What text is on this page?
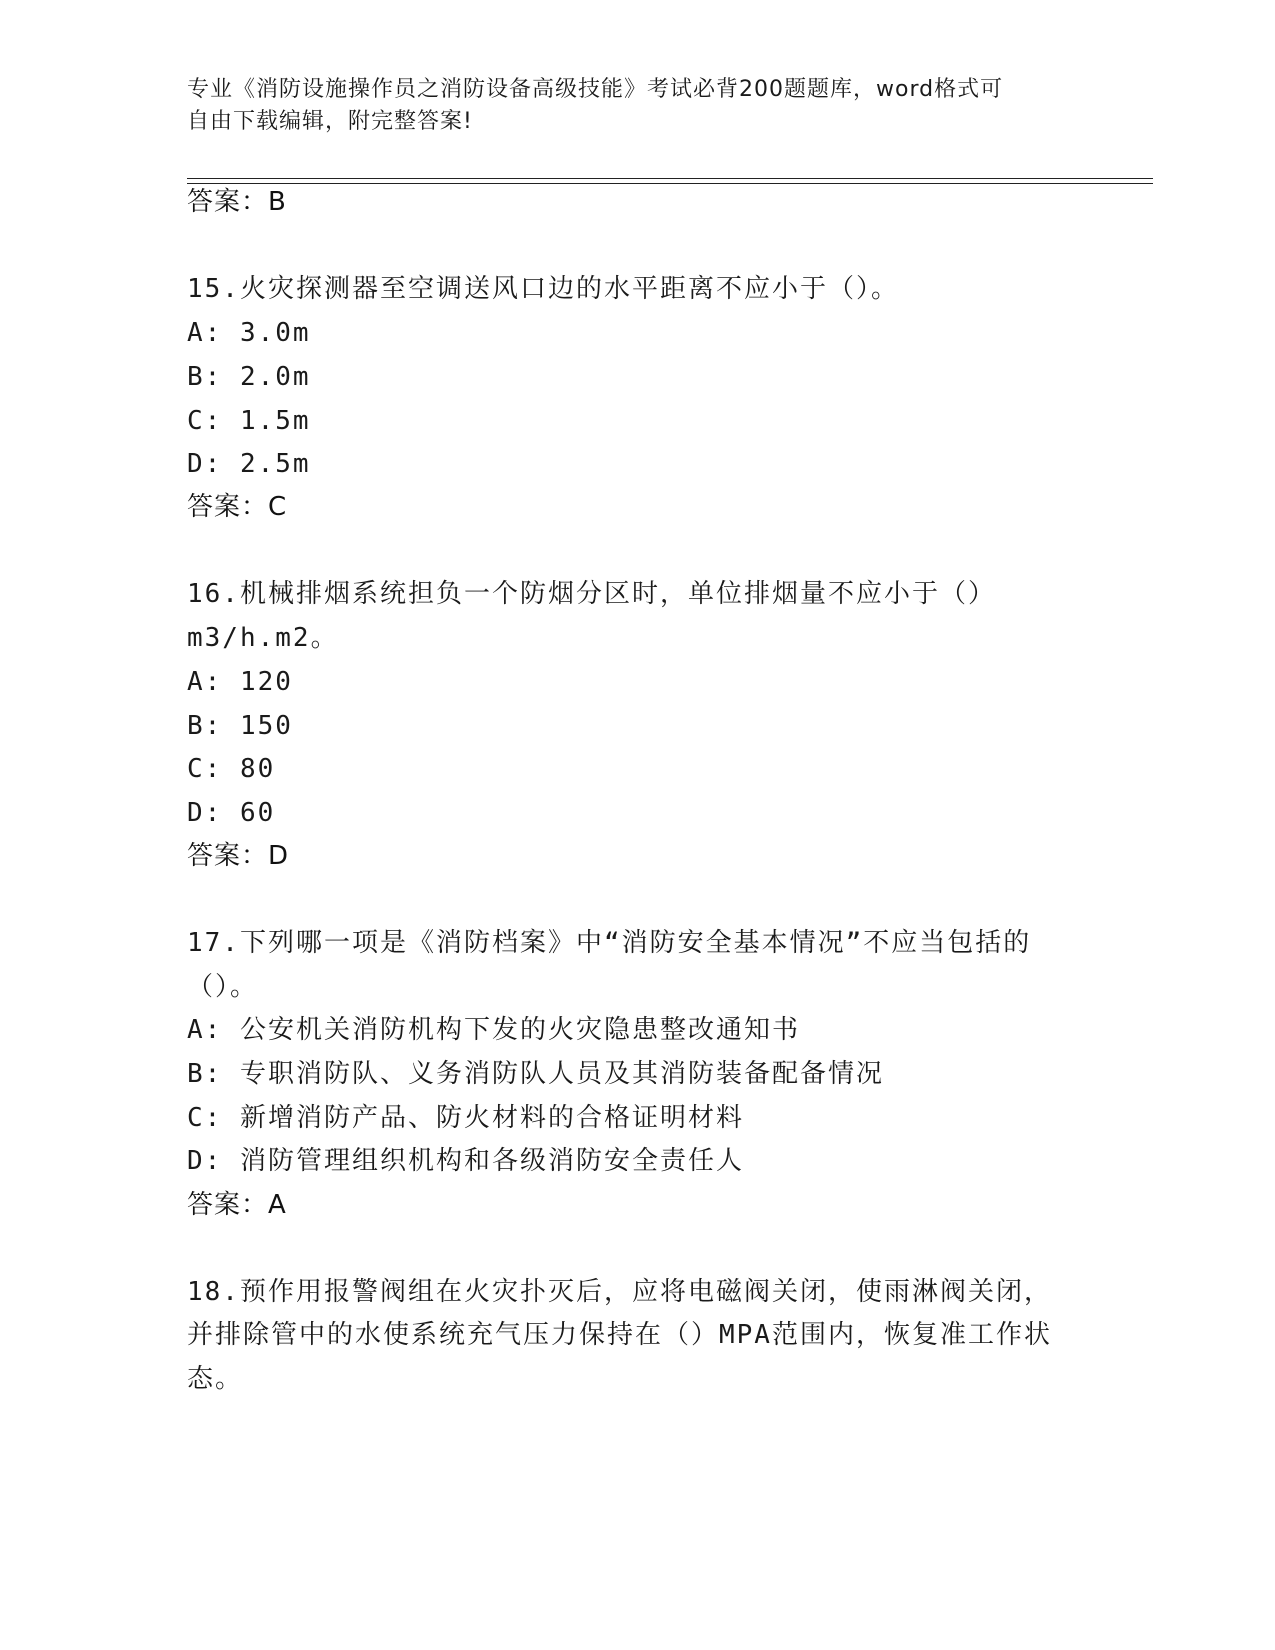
专业《消防设施操作员之消防设备高级技能》考试必背200题题库，word格式可
自由下载编辑，附完整答案!
答案：B
15.火灾探测器至空调送风口边的水平距离不应小于（）。
A: 3.0m
B: 2.0m
C: 1.5m
D: 2.5m
答案：C
16.机械排烟系统担负一个防烟分区时，单位排烟量不应小于（）
m3/h.m2。
A: 120
B: 150
C: 80
D: 60
答案：D
17.下列哪一项是《消防档案》中“消防安全基本情况”不应当包括的
（）。
A: 公安机关消防机构下发的火灾隐患整改通知书
B: 专职消防队、义务消防队人员及其消防装备配备情况
C: 新增消防产品、防火材料的合格证明材料
D: 消防管理组织机构和各级消防安全责任人
答案：A
18.预作用报警阀组在火灾扑灭后，应将电磁阀关闭，使雨淋阀关闭，
并排除管中的水使系统充气压力保持在（）MPA范围内，恢复准工作状
态。
